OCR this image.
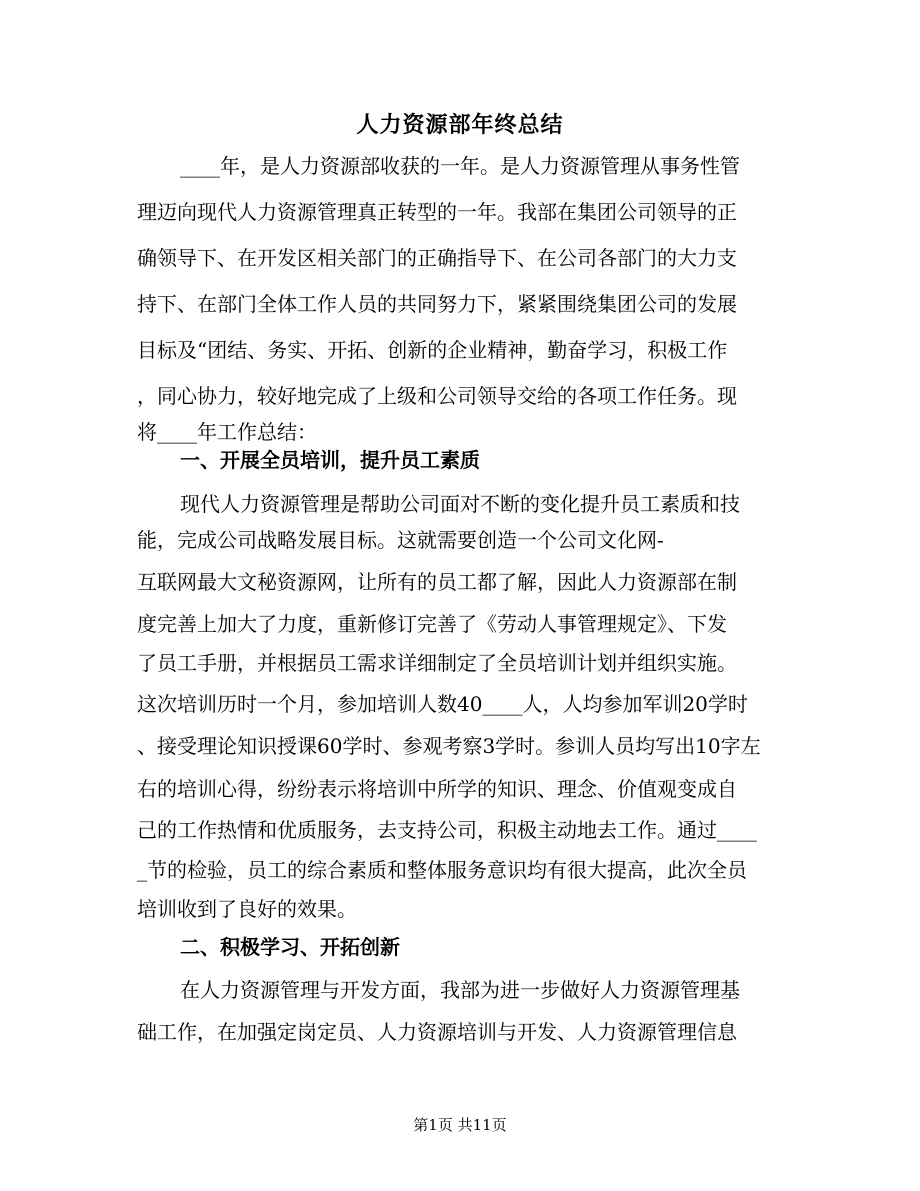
人力资源部年终总结
____年，是人力资源部收获的一年。是人力资源管理从事务性管
理迈向现代人力资源管理真正转型的一年。我部在集团公司领导的正
确领导下、在开发区相关部门的正确指导下、在公司各部门的大力支
持下、在部门全体工作人员的共同努力下，紧紧围绕集团公司的发展
目标及“团结、务实、开拓、创新的企业精神，勤奋学习，积极工作
，同心协力，较好地完成了上级和公司领导交给的各项工作任务。现
将____年工作总结：
一、开展全员培训，提升员工素质
现代人力资源管理是帮助公司面对不断的变化提升员工素质和技
能，完成公司战略发展目标。这就需要创造一个公司文化网-
互联网最大文秘资源网，让所有的员工都了解，因此人力资源部在制
度完善上加大了力度，重新修订完善了《劳动人事管理规定》、下发
了员工手册，并根据员工需求详细制定了全员培训计划并组织实施。
这次培训历时一个月，参加培训人数40____人，人均参加军训20学时
、接受理论知识授课60学时、参观考察3学时。参训人员均写出10字左
右的培训心得，纷纷表示将培训中所学的知识、理念、价值观变成自
己的工作热情和优质服务，去支持公司，积极主动地去工作。通过____
_节的检验，员工的综合素质和整体服务意识均有很大提高，此次全员
培训收到了良好的效果。
二、积极学习、开拓创新
在人力资源管理与开发方面，我部为进一步做好人力资源管理基
础工作，在加强定岗定员、人力资源培训与开发、人力资源管理信息
第1页 共11页
